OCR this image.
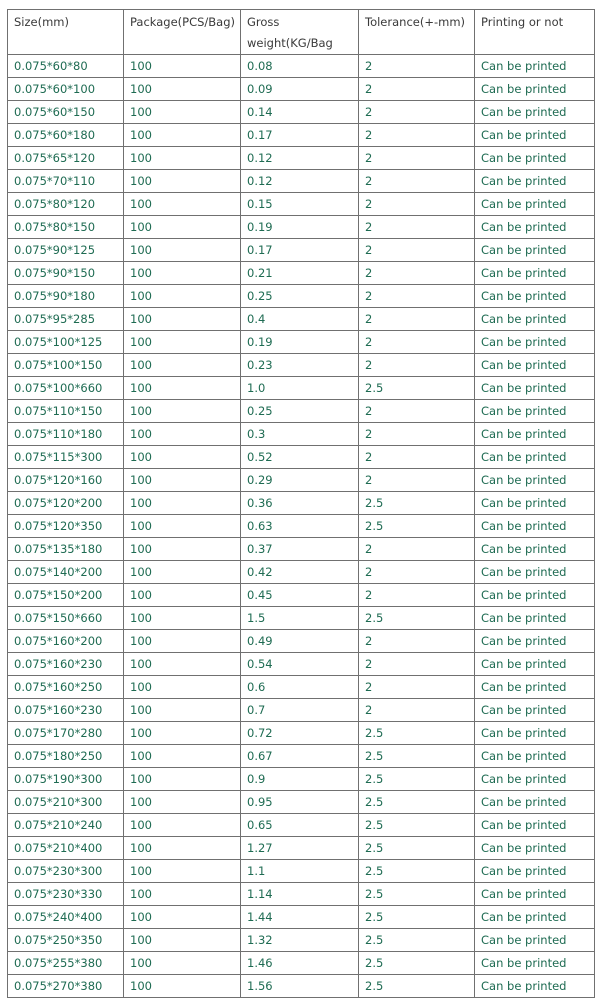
Size(mm)	Package(PCS/Bag)	Gross weight(KG/Bag	Tolerance(+-mm)	Printing or not
0.075*60*80	100	0.08	2	Can be printed
0.075*60*100	100	0.09	2	Can be printed
0.075*60*150	100	0.14	2	Can be printed
0.075*60*180	100	0.17	2	Can be printed
0.075*65*120	100	0.12	2	Can be printed
0.075*70*110	100	0.12	2	Can be printed
0.075*80*120	100	0.15	2	Can be printed
0.075*80*150	100	0.19	2	Can be printed
0.075*90*125	100	0.17	2	Can be printed
0.075*90*150	100	0.21	2	Can be printed
0.075*90*180	100	0.25	2	Can be printed
0.075*95*285	100	0.4	2	Can be printed
0.075*100*125	100	0.19	2	Can be printed
0.075*100*150	100	0.23	2	Can be printed
0.075*100*660	100	1.0	2.5	Can be printed
0.075*110*150	100	0.25	2	Can be printed
0.075*110*180	100	0.3	2	Can be printed
0.075*115*300	100	0.52	2	Can be printed
0.075*120*160	100	0.29	2	Can be printed
0.075*120*200	100	0.36	2.5	Can be printed
0.075*120*350	100	0.63	2.5	Can be printed
0.075*135*180	100	0.37	2	Can be printed
0.075*140*200	100	0.42	2	Can be printed
0.075*150*200	100	0.45	2	Can be printed
0.075*150*660	100	1.5	2.5	Can be printed
0.075*160*200	100	0.49	2	Can be printed
0.075*160*230	100	0.54	2	Can be printed
0.075*160*250	100	0.6	2	Can be printed
0.075*160*230	100	0.7	2	Can be printed
0.075*170*280	100	0.72	2.5	Can be printed
0.075*180*250	100	0.67	2.5	Can be printed
0.075*190*300	100	0.9	2.5	Can be printed
0.075*210*300	100	0.95	2.5	Can be printed
0.075*210*240	100	0.65	2.5	Can be printed
0.075*210*400	100	1.27	2.5	Can be printed
0.075*230*300	100	1.1	2.5	Can be printed
0.075*230*330	100	1.14	2.5	Can be printed
0.075*240*400	100	1.44	2.5	Can be printed
0.075*250*350	100	1.32	2.5	Can be printed
0.075*255*380	100	1.46	2.5	Can be printed
0.075*270*380	100	1.56	2.5	Can be printed
